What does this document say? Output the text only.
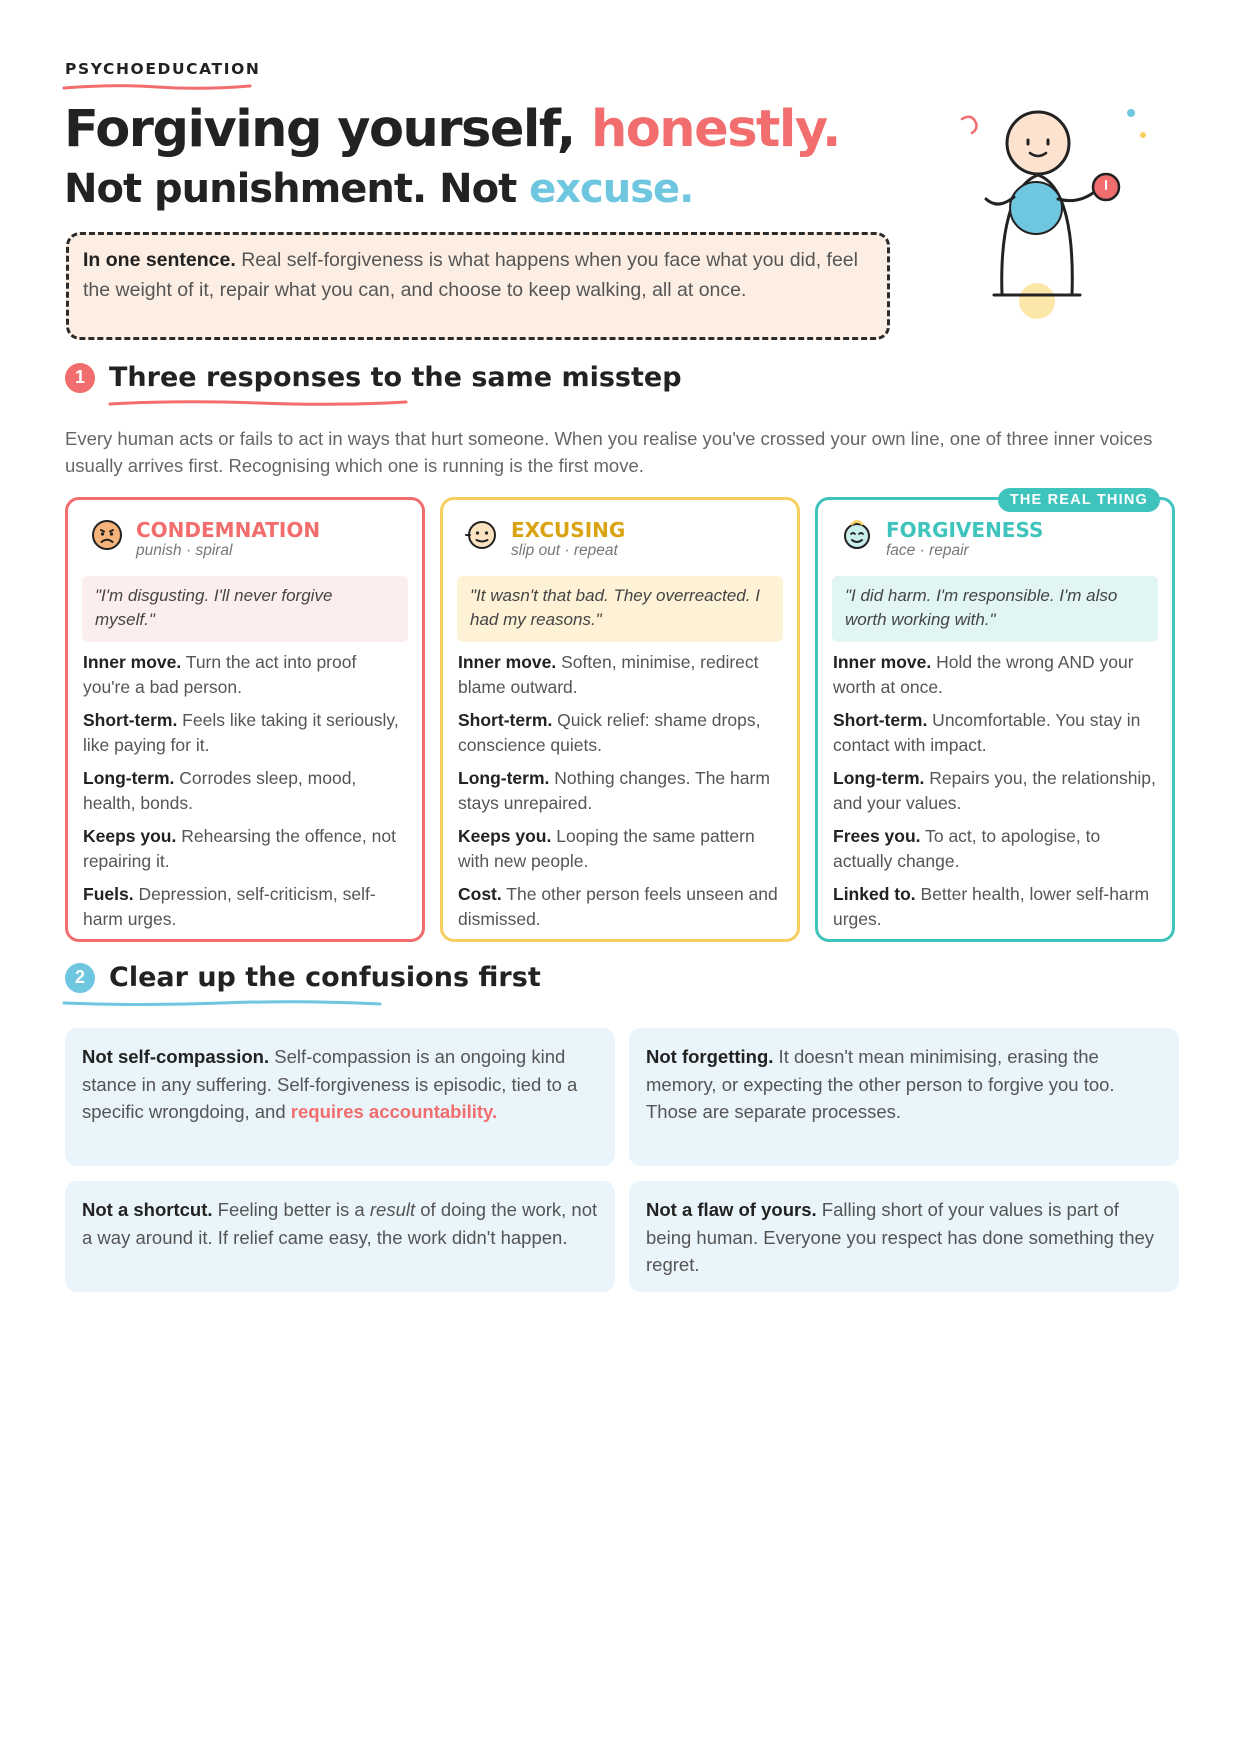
PSYCHOEDUCATION
Forgiving yourself, honestly.
Not punishment. Not excuse.
In one sentence. Real self-forgiveness is what happens when you face what you did, feel the weight of it, repair what you can, and choose to keep walking, all at once.
1 Three responses to the same misstep

Every human acts or fails to act in ways that hurt someone. When you realise you've crossed your own line, one of three inner voices usually arrives first. Recognising which one is running is the first move.

CONDEMNATION
punish · spiral
"I'm disgusting. I'll never forgive myself."
Inner move. Turn the act into proof you're a bad person.
Short-term. Feels like taking it seriously, like paying for it.
Long-term. Corrodes sleep, mood, health, bonds.
Keeps you. Rehearsing the offence, not repairing it.
Fuels. Depression, self-criticism, self-harm urges.
EXCUSING
slip out · repeat
"It wasn't that bad. They overreacted. I had my reasons."
Inner move. Soften, minimise, redirect blame outward.
Short-term. Quick relief: shame drops, conscience quiets.
Long-term. Nothing changes. The harm stays unrepaired.
Keeps you. Looping the same pattern with new people.
Cost. The other person feels unseen and dismissed.
THE REAL THING
FORGIVENESS
face · repair
"I did harm. I'm responsible. I'm also worth working with."
Inner move. Hold the wrong AND your worth at once.
Short-term. Uncomfortable. You stay in contact with impact.
Long-term. Repairs you, the relationship, and your values.
Frees you. To act, to apologise, to actually change.
Linked to. Better health, lower self-harm urges.
2 Clear up the confusions first
Not self-compassion. Self-compassion is an ongoing kind stance in any suffering. Self-forgiveness is episodic, tied to a specific wrongdoing, and requires accountability.
Not forgetting. It doesn't mean minimising, erasing the memory, or expecting the other person to forgive you too. Those are separate processes.
Not a shortcut. Feeling better is a result of doing the work, not a way around it. If relief came easy, the work didn't happen.
Not a flaw of yours. Falling short of your values is part of being human. Everyone you respect has done something they regret.
